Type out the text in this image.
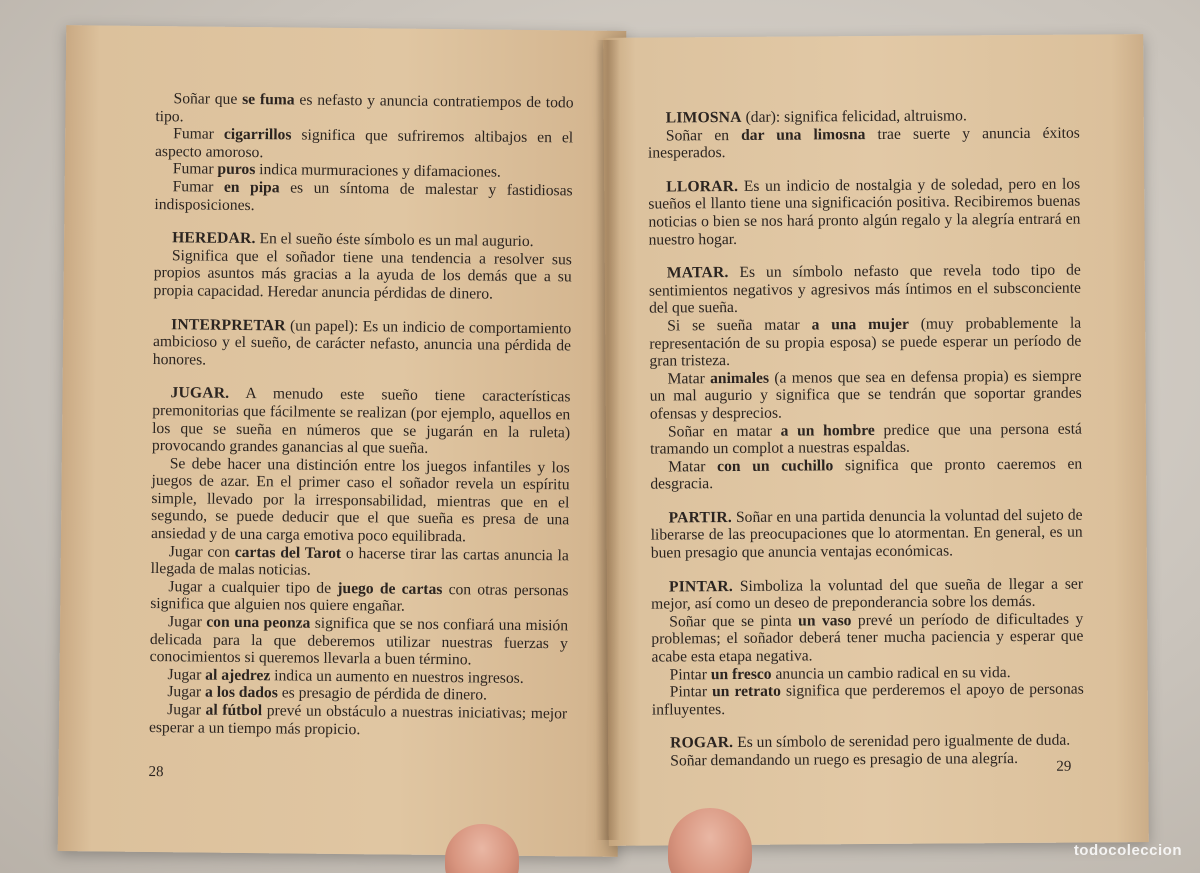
Soñar que se fuma es nefasto y anuncia contratiempos de todo tipo.

Fumar cigarrillos significa que sufriremos altibajos en el aspecto amoroso.

Fumar puros indica murmuraciones y difamaciones.

Fumar en pipa es un síntoma de malestar y fastidiosas indisposiciones.

HEREDAR. En el sueño éste símbolo es un mal augurio.

Significa que el soñador tiene una tendencia a resolver sus propios asuntos más gracias a la ayuda de los demás que a su propia capacidad. Heredar anuncia pérdidas de dinero.

INTERPRETAR (un papel): Es un indicio de comportamiento ambicioso y el sueño, de carácter nefasto, anuncia una pérdida de honores.

JUGAR. A menudo este sueño tiene características premonitorias que fácilmente se realizan (por ejemplo, aquellos en los que se sueña en números que se jugarán en la ruleta) provocando grandes ganancias al que sueña.

Se debe hacer una distinción entre los juegos infantiles y los juegos de azar. En el primer caso el soñador revela un espíritu simple, llevado por la irresponsabilidad, mientras que en el segundo, se puede deducir que el que sueña es presa de una ansiedad y de una carga emotiva poco equilibrada.

Jugar con cartas del Tarot o hacerse tirar las cartas anuncia la llegada de malas noticias.

Jugar a cualquier tipo de juego de cartas con otras personas significa que alguien nos quiere engañar.

Jugar con una peonza significa que se nos confiará una misión delicada para la que deberemos utilizar nuestras fuerzas y conocimientos si queremos llevarla a buen término.

Jugar al ajedrez indica un aumento en nuestros ingresos.

Jugar a los dados es presagio de pérdida de dinero.

Jugar al fútbol prevé un obstáculo a nuestras iniciativas; mejor esperar a un tiempo más propicio.

28

LIMOSNA (dar): significa felicidad, altruismo.

Soñar en dar una limosna trae suerte y anuncia éxitos inesperados.

LLORAR. Es un indicio de nostalgia y de soledad, pero en los sueños el llanto tiene una significación positiva. Recibiremos buenas noticias o bien se nos hará pronto algún regalo y la alegría entrará en nuestro hogar.

MATAR. Es un símbolo nefasto que revela todo tipo de sentimientos negativos y agresivos más íntimos en el subsconciente del que sueña.

Si se sueña matar a una mujer (muy probablemente la representación de su propia esposa) se puede esperar un período de gran tristeza.

Matar animales (a menos que sea en defensa propia) es siempre un mal augurio y significa que se tendrán que soportar grandes ofensas y desprecios.

Soñar en matar a un hombre predice que una persona está tramando un complot a nuestras espaldas.

Matar con un cuchillo significa que pronto caeremos en desgracia.

PARTIR. Soñar en una partida denuncia la voluntad del sujeto de liberarse de las preocupaciones que lo atormentan. En general, es un buen presagio que anuncia ventajas económicas.

PINTAR. Simboliza la voluntad del que sueña de llegar a ser mejor, así como un deseo de preponderancia sobre los demás.

Soñar que se pinta un vaso prevé un período de dificultades y problemas; el soñador deberá tener mucha paciencia y esperar que acabe esta etapa negativa.

Pintar un fresco anuncia un cambio radical en su vida.

Pintar un retrato significa que perderemos el apoyo de personas influyentes.

ROGAR. Es un símbolo de serenidad pero igualmente de duda.

Soñar demandando un ruego es presagio de una alegría.	29
todocoleccion
